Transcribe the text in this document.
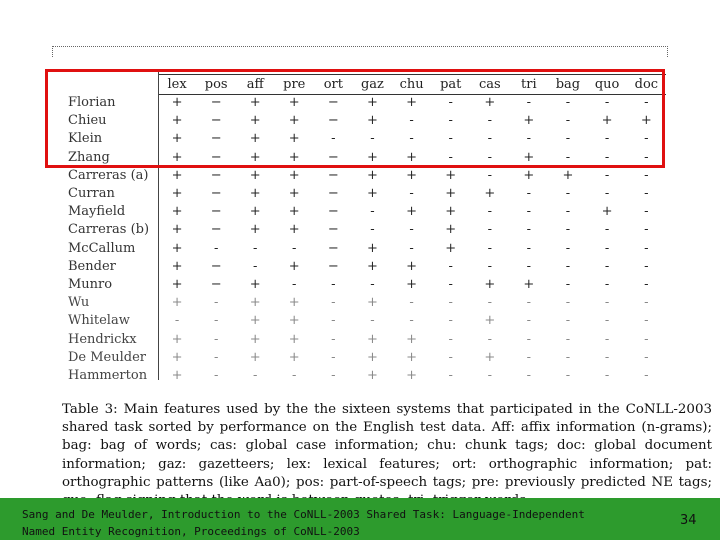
	lex	pos	aff	pre	ort	gaz	chu	pat	cas	tri	bag	quo	doc
Florian	+	−	+	+	−	+	+	-	+	-	-	-	-
Chieu	+	−	+	+	−	+	-	-	-	+	-	+	+
Klein	+	−	+	+	-	-	-	-	-	-	-	-	-
Zhang	+	−	+	+	−	+	+	-	-	+	-	-	-
Carreras (a)	+	−	+	+	−	+	+	+	-	+	+	-	-
Curran	+	−	+	+	−	+	-	+	+	-	-	-	-
Mayfield	+	−	+	+	−	-	+	+	-	-	-	+	-
Carreras (b)	+	−	+	+	−	-	-	+	-	-	-	-	-
McCallum	+	-	-	-	−	+	-	+	-	-	-	-	-
Bender	+	−	-	+	−	+	+	-	-	-	-	-	-
Munro	+	−	+	-	-	-	+	-	+	+	-	-	-
Wu	+	-	+	+	-	+	-	-	-	-	-	-	-
Whitelaw	-	-	+	+	-	-	-	-	+	-	-	-	-
Hendrickx	+	-	+	+	-	+	+	-	-	-	-	-	-
De Meulder	+	-	+	+	-	+	+	-	+	-	-	-	-
Hammerton	+	-	-	-	-	+	+	-	-	-	-	-	-
Table 3: Main features used by the the sixteen systems that participated in the CoNLL-2003 shared task sorted by performance on the English test data. Aff: affix information (n-grams); bag: bag of words; cas: global case information; chu: chunk tags; doc: global document information; gaz: gazetteers; lex: lexical features; ort: orthographic information; pat: orthographic patterns (like Aa0); pos: part-of-speech tags; pre: previously predicted NE tags;
Sang and De Meulder, Introduction to the CoNLL-2003 Shared Task: Language-Independent
Named Entity Recognition, Proceedings of CoNLL-2003
34
